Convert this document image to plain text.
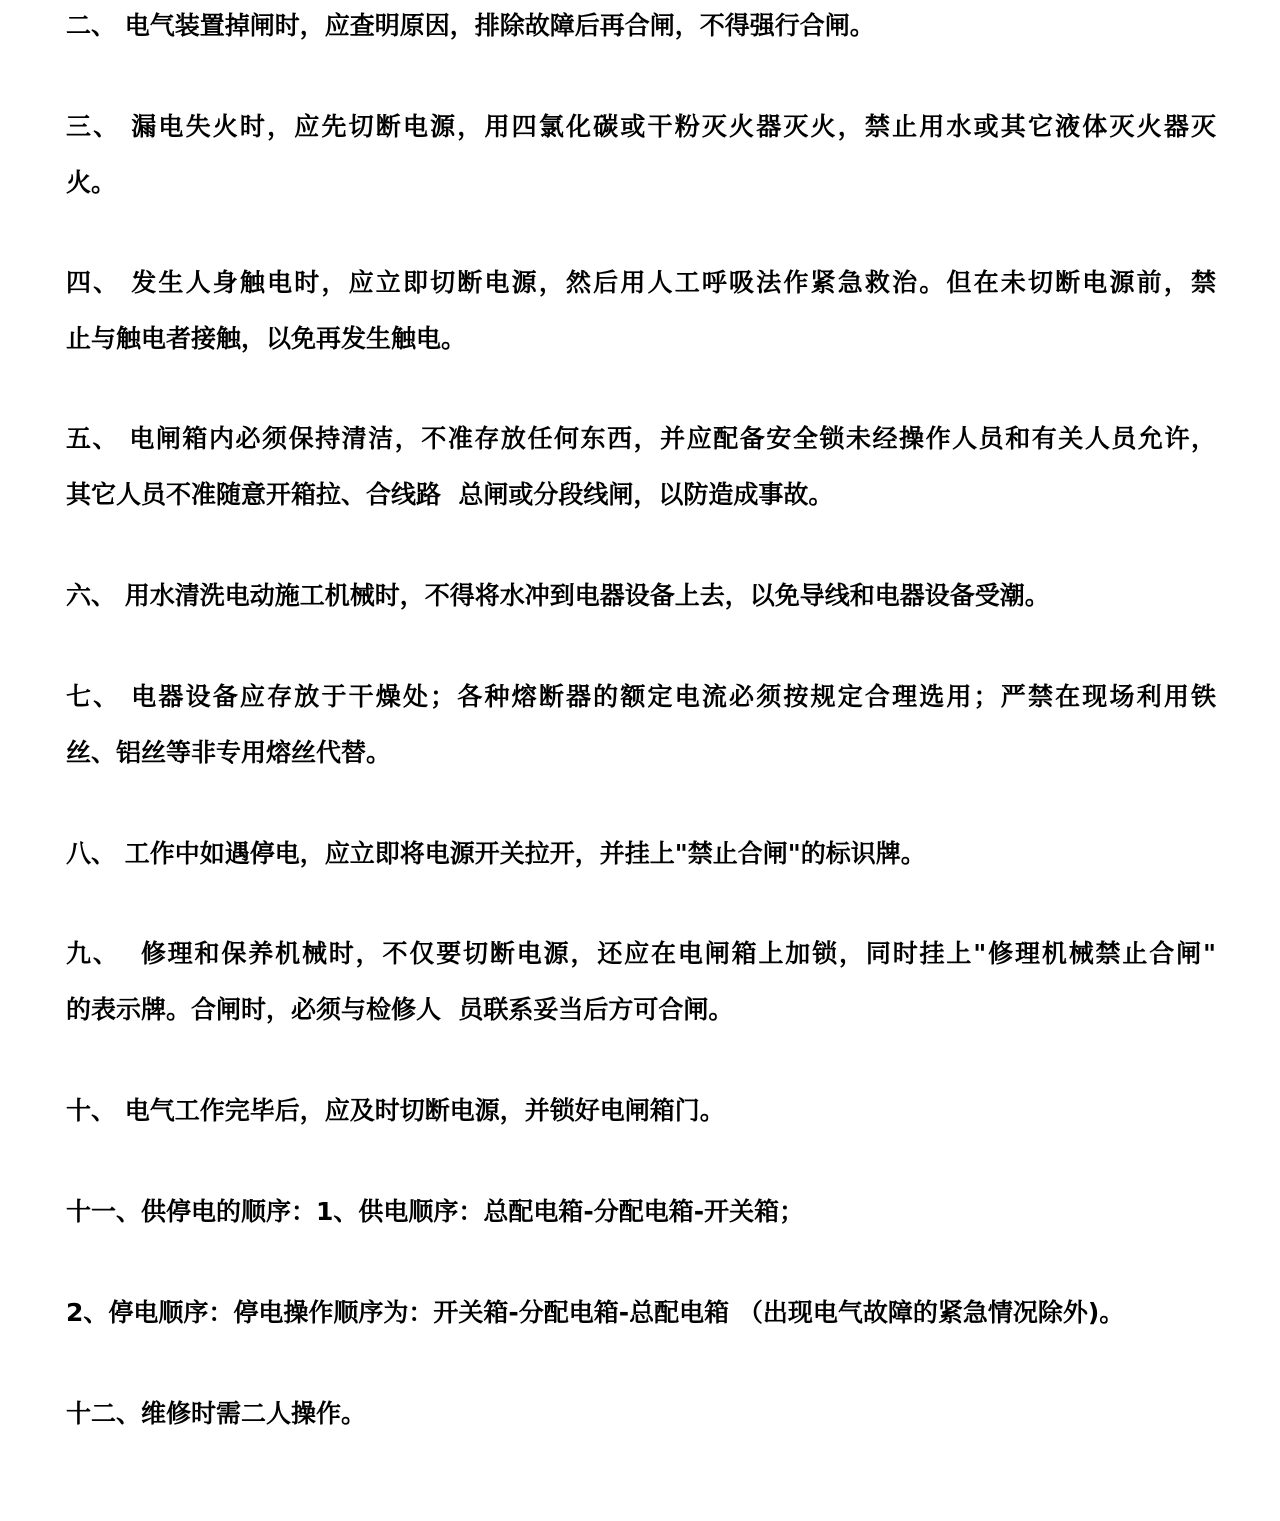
二、 电气装置掉闸时，应查明原因，排除故障后再合闸，不得强行合闸。
三、 漏电失火时，应先切断电源，用四氯化碳或干粉灭火器灭火，禁止用水或其它液体灭火器灭
火。
四、 发生人身触电时，应立即切断电源，然后用人工呼吸法作紧急救治。但在未切断电源前，禁
止与触电者接触，以免再发生触电。
五、 电闸箱内必须保持清洁，不准存放任何东西，并应配备安全锁未经操作人员和有关人员允许，
其它人员不准随意开箱拉、合线路  总闸或分段线闸，以防造成事故。
六、 用水清洗电动施工机械时，不得将水冲到电器设备上去，以免导线和电器设备受潮。
七、 电器设备应存放于干燥处；各种熔断器的额定电流必须按规定合理选用；严禁在现场利用铁
丝、铝丝等非专用熔丝代替。
八、 工作中如遇停电，应立即将电源开关拉开，并挂上"禁止合闸"的标识牌。
九、  修理和保养机械时，不仅要切断电源，还应在电闸箱上加锁，同时挂上"修理机械禁止合闸"
的表示牌。合闸时，必须与检修人  员联系妥当后方可合闸。
十、 电气工作完毕后，应及时切断电源，并锁好电闸箱门。
十一、供停电的顺序：1、供电顺序：总配电箱-分配电箱-开关箱；
2、停电顺序：停电操作顺序为：开关箱-分配电箱-总配电箱 （出现电气故障的紧急情况除外)。
十二、维修时需二人操作。
